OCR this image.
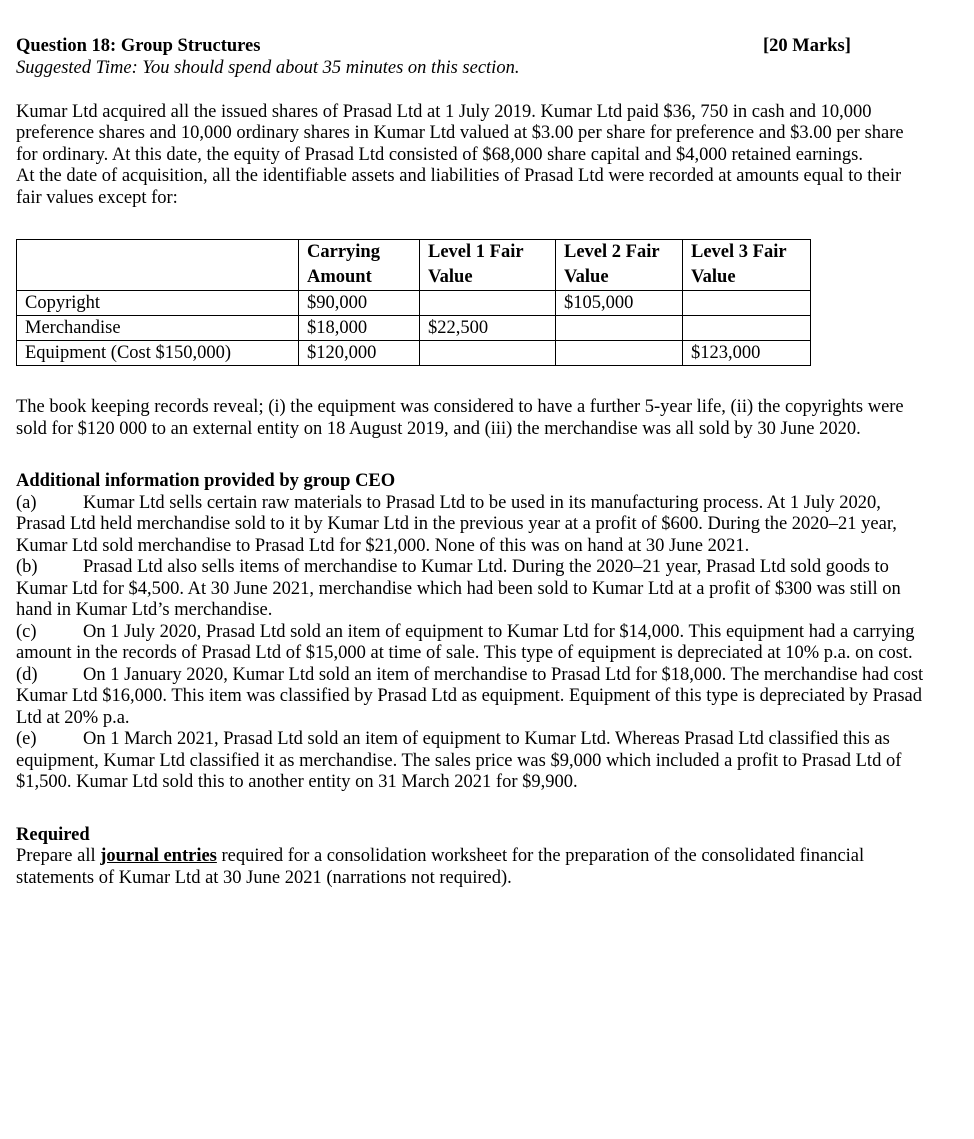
Question 18: Group Structures	[20 Marks]

Suggested Time: You should spend about 35 minutes on this section.

Kumar Ltd acquired all the issued shares of Prasad Ltd at 1 July 2019. Kumar Ltd paid $36, 750 in cash and 10,000 preference shares and 10,000 ordinary shares in Kumar Ltd valued at $3.00 per share for preference and $3.00 per share for ordinary. At this date, the equity of Prasad Ltd consisted of $68,000 share capital and $4,000 retained earnings.

At the date of acquisition, all the identifiable assets and liabilities of Prasad Ltd were recorded at amounts equal to their fair values except for:

	Carrying Amount	Level 1 Fair Value	Level 2 Fair Value	Level 3 Fair Value
Copyright	$90,000		$105,000	
Merchandise	$18,000	$22,500		
Equipment (Cost $150,000)	$120,000			$123,000

The book keeping records reveal; (i) the equipment was considered to have a further 5-year life, (ii) the copyrights were sold for $120 000 to an external entity on 18 August 2019, and (iii) the merchandise was all sold by 30 June 2020.

Additional information provided by group CEO

(a)	Kumar Ltd sells certain raw materials to Prasad Ltd to be used in its manufacturing process. At 1 July 2020, Prasad Ltd held merchandise sold to it by Kumar Ltd in the previous year at a profit of $600. During the 2020–21 year, Kumar Ltd sold merchandise to Prasad Ltd for $21,000. None of this was on hand at 30 June 2021.

(b) Prasad Ltd also sells items of merchandise to Kumar Ltd. During the 2020–21 year, Prasad Ltd sold goods to Kumar Ltd for $4,500. At 30 June 2021, merchandise which had been sold to Kumar Ltd at a profit of $300 was still on hand in Kumar Ltd’s merchandise.

(c)	On 1 July 2020, Prasad Ltd sold an item of equipment to Kumar Ltd for $14,000. This equipment had a carrying amount in the records of Prasad Ltd of $15,000 at time of sale. This type of equipment is depreciated at 10% p.a. on cost.

(d) On 1 January 2020, Kumar Ltd sold an item of merchandise to Prasad Ltd for $18,000. The merchandise had cost Kumar Ltd $16,000. This item was classified by Prasad Ltd as equipment. Equipment of this type is depreciated by Prasad Ltd at 20% p.a.

(e)	On 1 March 2021, Prasad Ltd sold an item of equipment to Kumar Ltd. Whereas Prasad Ltd classified this as equipment, Kumar Ltd classified it as merchandise. The sales price was $9,000 which included a profit to Prasad Ltd of $1,500. Kumar Ltd sold this to another entity on 31 March 2021 for $9,900.

Required

Prepare all journal entries required for a consolidation worksheet for the preparation of the consolidated financial statements of Kumar Ltd at 30 June 2021 (narrations not required).
